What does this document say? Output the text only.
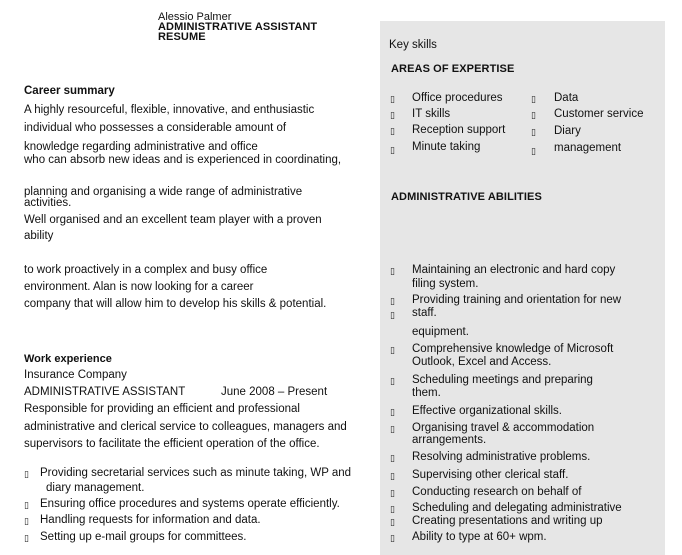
Alessio Palmer
ADMINISTRATIVE ASSISTANT
RESUME
Career summary
A highly resourceful, flexible, innovative, and enthusiastic
individual who possesses a considerable amount of
knowledge regarding administrative and office
who can absorb new ideas and is experienced in coordinating,
planning and organising a wide range of administrative
activities.
Well organised and an excellent team player with a proven
ability
to work proactively in a complex and busy office
environment. Alan is now looking for a career
company that will allow him to develop his skills & potential.
Work experience
Insurance Company
ADMINISTRATIVE ASSISTANT	June 2008 – Present
Responsible for providing an efficient and professional
administrative and clerical service to colleagues, managers and
supervisors to facilitate the efficient operation of the office.
▯ Providing secretarial services such as minute taking, WP and
diary management.
▯ Ensuring office procedures and systems operate efficiently.
▯ Handling requests for information and data.
▯ Setting up e-mail groups for committees.
Key skills
AREAS OF EXPERTISE
▯ Office procedures
▯ IT skills
▯ Reception support
▯ Minute taking
▯ Data
▯ Customer service
▯ Diary
▯ management
ADMINISTRATIVE ABILITIES
▯ Maintaining an electronic and hard copy
filing system.
▯ Providing training and orientation for new
▯ staff.
equipment.
▯ Comprehensive knowledge of Microsoft
Outlook, Excel and Access.
▯ Scheduling meetings and preparing
them.
▯ Effective organizational skills.
▯ Organising travel & accommodation
arrangements.
▯ Resolving administrative problems.
▯ Supervising other clerical staff.
▯ Conducting research on behalf of
▯ Scheduling and delegating administrative
▯ Creating presentations and writing up
▯ Ability to type at 60+ wpm.
